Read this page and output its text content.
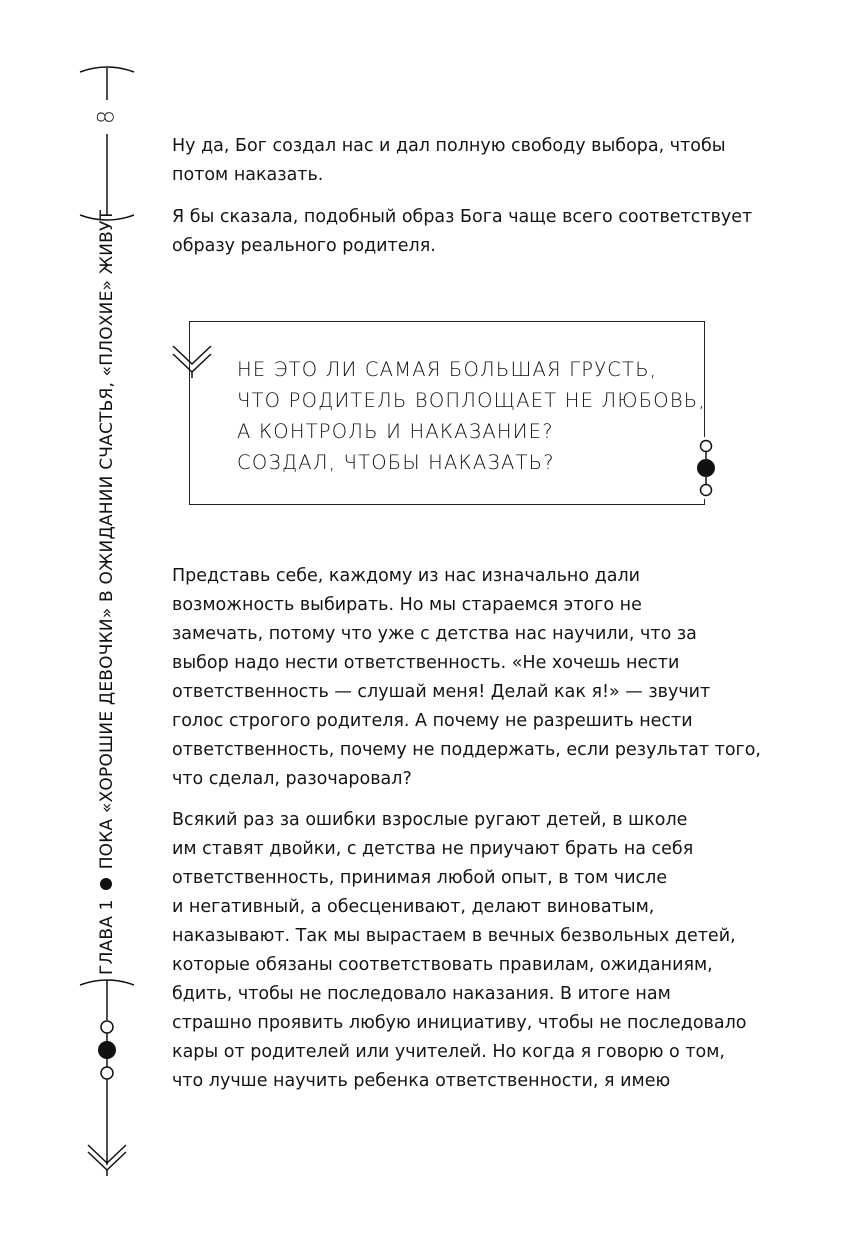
8
ГЛАВА 1ПОКА «ХОРОШИЕ ДЕВОЧКИ» В ОЖИДАНИИ СЧАСТЬЯ, «ПЛОХИЕ» ЖИВУТ
Ну да, Бог создал нас и дал полную свободу выбора, чтобы
потом наказать.
Я бы сказала, подобный образ Бога чаще всего соответствует
образу реального родителя.
НЕ ЭТО ЛИ САМАЯ БОЛЬШАЯ ГРУСТЬ,
ЧТО РОДИТЕЛЬ ВОПЛОЩАЕТ НЕ ЛЮБОВЬ,
А КОНТРОЛЬ И НАКАЗАНИЕ?
СОЗДАЛ, ЧТОБЫ НАКАЗАТЬ?
Представь себе, каждому из нас изначально дали
возможность выбирать. Но мы стараемся этого не
замечать, потому что уже с детства нас научили, что за
выбор надо нести ответственность. «Не хочешь нести
ответственность — слушай меня! Делай как я!» — звучит
голос строгого родителя. А почему не разрешить нести
ответственность, почему не поддержать, если результат того,
что сделал, разочаровал?
Всякий раз за ошибки взрослые ругают детей, в школе
им ставят двойки, с детства не приучают брать на себя
ответственность, принимая любой опыт, в том числе
и негативный, а обесценивают, делают виноватым,
наказывают. Так мы вырастаем в вечных безвольных детей,
которые обязаны соответствовать правилам, ожиданиям,
бдить, чтобы не последовало наказания. В итоге нам
страшно проявить любую инициативу, чтобы не последовало
кары от родителей или учителей. Но когда я говорю о том,
что лучше научить ребенка ответственности, я имею
